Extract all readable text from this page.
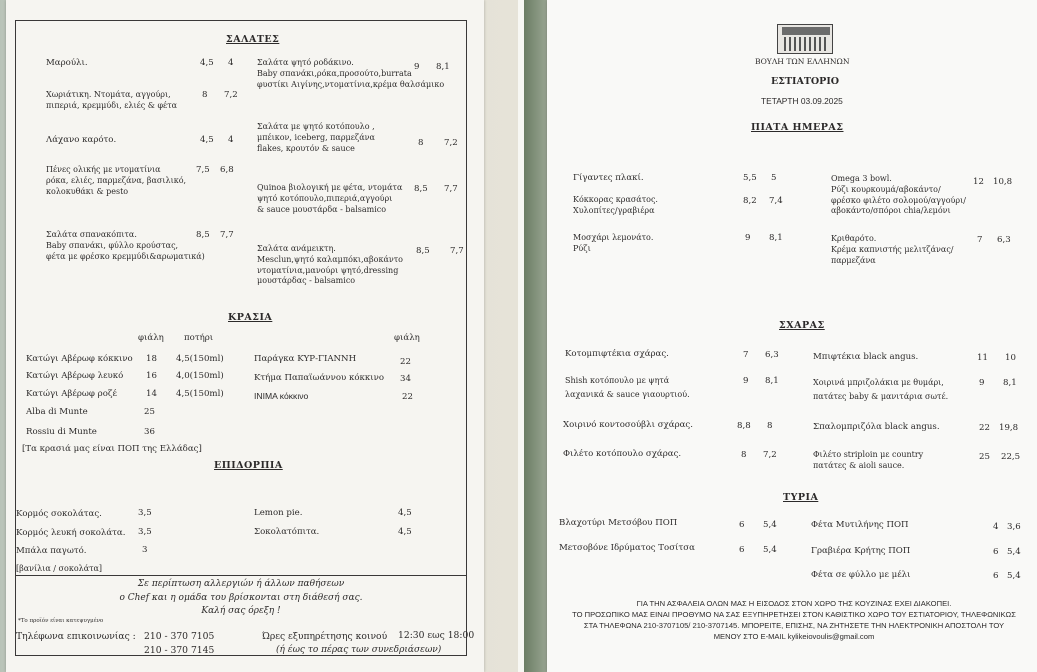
ΣΑΛΑΤΕΣ
Μαρούλι.	4,5 4
Χωριάτικη. Ντομάτα, αγγούρι,
πιπεριά, κρεμμύδι, ελιές & φέτα
8 7,2
Λάχανο καρότο.	4,5 4
Πένες ολικής με ντοματίνια
ρόκα, ελιές, παρμεζάνα, βασιλικό,
κολοκυθάκι & pesto
7,5 6,8
Σαλάτα σπανακόπιτα.
Baby σπανάκι, φύλλο κρούστας,
φέτα με φρέσκο κρεμμύδι&αρωματικά)
8,5 7,7
Σαλάτα ψητό ροδάκινο.
Baby σπανάκι,ρόκα,προσούτο,burrata
φυστίκι Αιγίνης,ντοματίνια,κρέμα θαλσάμικο
9 8,1
Σαλάτα με ψητό κοτόπουλο ,
μπέικον, iceberg, παρμεζάνα
flakes, κρουτόν & sauce
8 7,2
Quinoa βιολογική με φέτα, ντομάτα
ψητό κοτόπουλο,πιπεριά,αγγούρι
& sauce μουστάρδα - balsamico
8,5 7,7
Σαλάτα ανάμεικτη.
Mesclun,ψητό καλαμπόκι,αβοκάντο
ντοματίνια,μανούρι ψητό,dressing
μουστάρδας - balsamico
8,5 7,7
ΚΡΑΣΙΑ
φιάλη ποτήρι	φιάλη
Κατώγι Αβέρωφ κόκκινο 18 4,5(150ml)
Κατώγι Αβέρωφ λευκό	16 4,0(150ml)
Κατώγι Αβέρωφ ροζέ	14 4,5(150ml)
Alba di Munte	25
Rossiu di Munte	36
Παράγκα ΚΥΡ-ΓΙΑΝΝΗ	22
Κτήμα Παπαϊωάννου κόκκινο 34
ΙΝΙΜΑ κόκκινο	22
[Τα κρασιά μας είναι ΠΟΠ της Ελλάδας]
ΕΠΙΔΟΡΠΙΑ
Κορμός σοκολάτας.	3,5
Κορμός λευκή σοκολάτα. 3,5
Μπάλα παγωτό.	3
[βανίλια / σοκολάτα]
Lemon pie.	4,5
Σοκολατόπιτα.	4,5
Σε περίπτωση αλλεργιών ή άλλων παθήσεων
ο Chef και η ομάδα του βρίσκονται στη διάθεσή σας.
Καλή σας όρεξη !
*Το προϊόν είναι κατεψυγμένο
Τηλέφωνα επικοινωνίας : 210 - 370 7105
210 - 370 7145
Ώρες εξυπηρέτησης κοινού 12:30 εως 18:00
(ή έως το πέρας των συνεδριάσεων)
ΒΟΥΛΗ ΤΩΝ ΕΛΛΗΝΩΝ
ΕΣΤΙΑΤΟΡΙΟ
ΤΕΤΑΡΤΗ 03.09.2025
ΠΙΑΤΑ ΗΜΕΡΑΣ
Γίγαντες πλακί.	5,5 5
Κόκκορας κρασάτος.
Χυλοπίτες/γραβιέρα
8,2 7,4
Μοσχάρι λεμονάτο.
Ρύζι
9 8,1
Omega 3 bowl.
Ρύζι κουρκουμά/αβοκάντο/
φρέσκο φιλέτο σολομού/αγγούρι/
αβοκάντο/σπόροι chia/λεμόνι
12 10,8
Κριθαρότο.
Κρέμα καπνιστής μελιτζάνας/
παρμεζάνα
7 6,3
ΣΧΑΡΑΣ
Κοτομπιφτέκια σχάρας.	7 6,3
Shish κοτόπουλο με ψητά
λαχανικά & sauce γιαουρτιού.
9 8,1
Χοιρινό κοντοσούβλι σχάρας.	8,8 8
Φιλέτο κοτόπουλο σχάρας.	8 7,2
Μπιφτέκια black angus.	11 10
Χοιρινά μπριζολάκια με θυμάρι,
πατάτες baby & μανιτάρια σωτέ.
9 8,1
Σπαλομπριζόλα black angus.	22 19,8
Φιλέτο striploin με country
πατάτες & aioli sauce.
25 22,5
ΤΥΡΙΑ
Βλαχοτύρι Μετσόβου ΠΟΠ	6 5,4
Μετσοβόνε Ιδρύματος Τοσίτσα	6 5,4
Φέτα Μυτιλήνης ΠΟΠ	4 3,6
Γραβιέρα Κρήτης ΠΟΠ	6 5,4
Φέτα σε φύλλο με μέλι	6 5,4
ΓΙΑ ΤΗΝ ΑΣΦΑΛΕΙΑ ΟΛΩΝ ΜΑΣ Η ΕΙΣΟΔΟΣ ΣΤΟΝ ΧΩΡΟ ΤΗΣ ΚΟΥΖΙΝΑΣ ΕΧΕΙ ΔΙΑΚΟΠΕΙ.
ΤΟ ΠΡΟΣΩΠΙΚΟ ΜΑΣ ΕΙΝΑΙ ΠΡΟΘΥΜΟ ΝΑ ΣΑΣ ΕΞΥΠΗΡΕΤΗΣΕΙ ΣΤΟΝ ΚΑΘΙΣΤΙΚΟ ΧΩΡΟ ΤΟΥ ΕΣΤΙΑΤΟΡΙΟΥ, ΤΗΛΕΦΩΝΙΚΩΣ
ΣΤΑ ΤΗΛΕΦΩΝΑ 210-3707105/ 210-3707145. ΜΠΟΡΕΙΤΕ, ΕΠΙΣΗΣ, ΝΑ ΖΗΤΗΣΕΤΕ ΤΗΝ ΗΛΕΚΤΡΟΝΙΚΗ ΑΠΟΣΤΟΛΗ ΤΟΥ
ΜΕΝΟΥ ΣΤΟ E-MAIL kylikeiovoulis@gmail.com
